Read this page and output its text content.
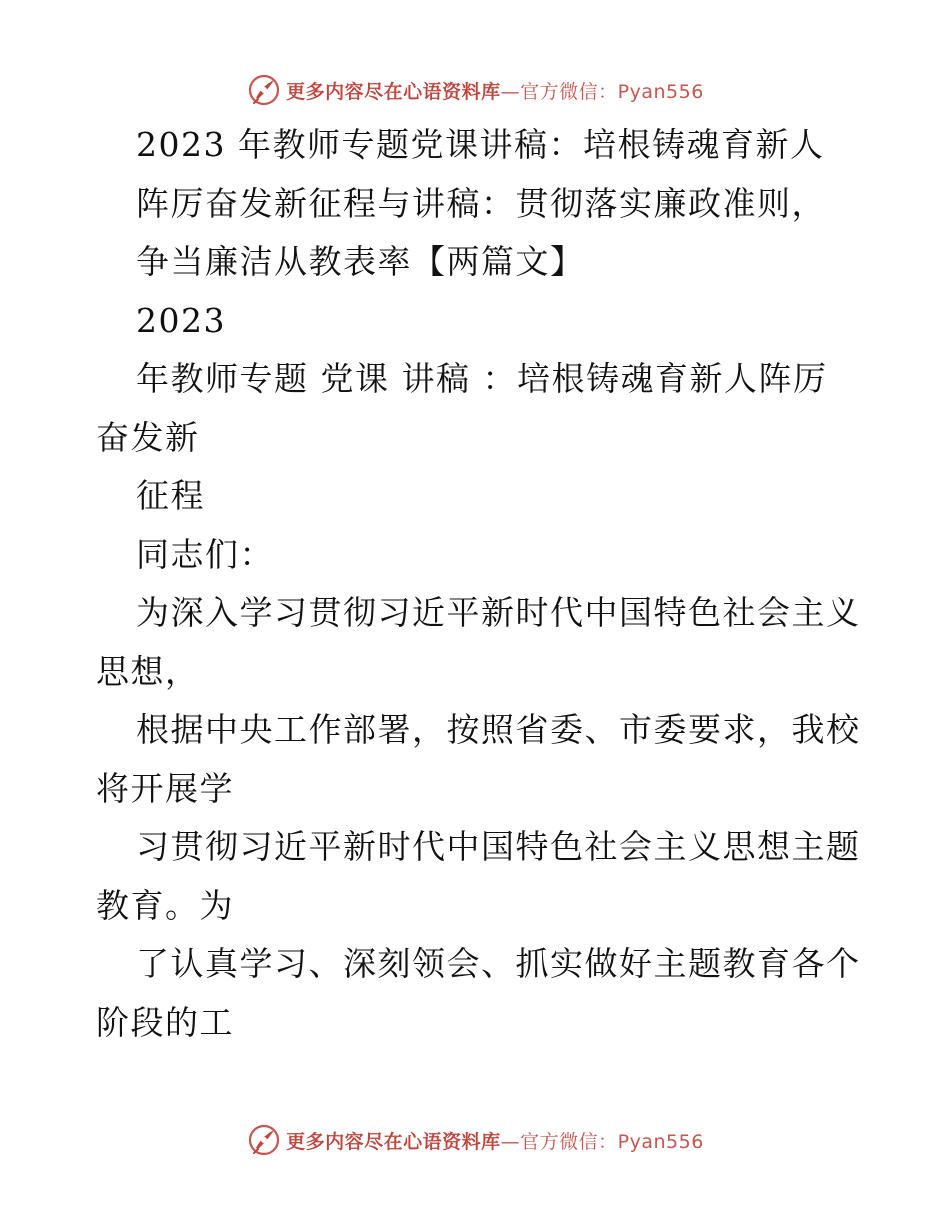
更多内容尽在心语资料库—官方微信：Pyan556
2023 年教师专题党课讲稿：培根铸魂育新人
阵厉奋发新征程与讲稿：贯彻落实廉政准则，
争当廉洁从教表率【两篇文】
2023
年教师专题 党课 讲稿 ：培根铸魂育新人阵厉
奋发新
征程
同志们：
为深入学习贯彻习近平新时代中国特色社会主义
思想，
根据中央工作部署，按照省委、市委要求，我校
将开展学
习贯彻习近平新时代中国特色社会主义思想主题
教育。为
了认真学习、深刻领会、抓实做好主题教育各个
阶段的工
更多内容尽在心语资料库—官方微信：Pyan556
